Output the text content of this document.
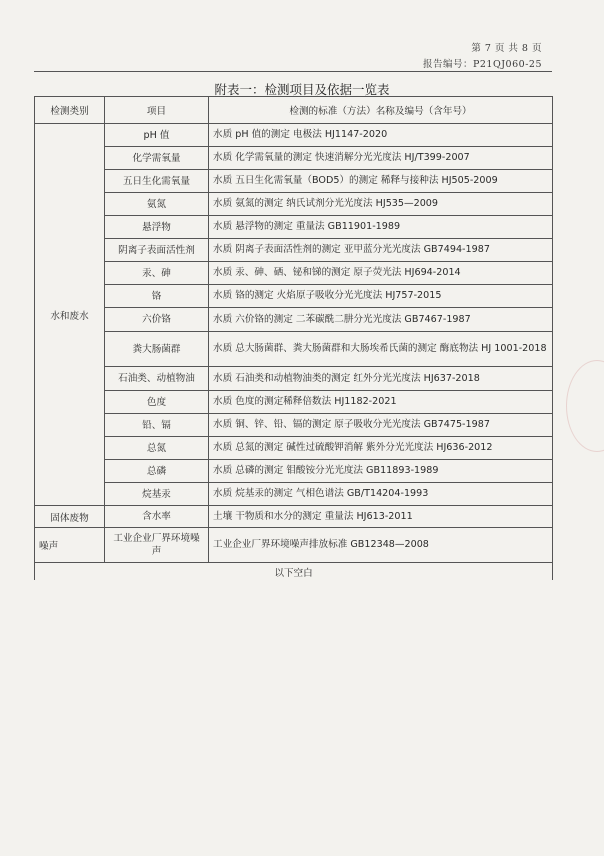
第 7 页 共 8 页
报告编号：P21QJ060-25
附表一：检测项目及依据一览表
检测类别	项目	检测的标准（方法）名称及编号（含年号）
水和废水	pH 值	水质 pH 值的测定 电极法 HJ1147-2020
	化学需氧量	水质 化学需氧量的测定 快速消解分光光度法 HJ/T399-2007
	五日生化需氧量	水质 五日生化需氧量（BOD5）的测定 稀释与接种法 HJ505-2009
	氨氮	水质 氨氮的测定 纳氏试剂分光光度法 HJ535—2009
	悬浮物	水质 悬浮物的测定 重量法 GB11901-1989
	阴离子表面活性剂	水质 阴离子表面活性剂的测定 亚甲蓝分光光度法 GB7494-1987
	汞、砷	水质 汞、砷、硒、铋和锑的测定 原子荧光法 HJ694-2014
	铬	水质 铬的测定 火焰原子吸收分光光度法 HJ757-2015
	六价铬	水质 六价铬的测定 二苯碳酰二肼分光光度法 GB7467-1987
	粪大肠菌群	水质 总大肠菌群、粪大肠菌群和大肠埃希氏菌的测定 酶底物法 HJ 1001-2018
	石油类、动植物油	水质 石油类和动植物油类的测定 红外分光光度法 HJ637-2018
	色度	水质 色度的测定稀释倍数法 HJ1182-2021
	铅、镉	水质 铜、锌、铅、镉的测定 原子吸收分光光度法 GB7475-1987
	总氮	水质 总氮的测定 碱性过硫酸钾消解 紫外分光光度法 HJ636-2012
	总磷	水质 总磷的测定 钼酸铵分光光度法 GB11893-1989
	烷基汞	水质 烷基汞的测定 气相色谱法 GB/T14204-1993
固体废物	含水率	土壤 干物质和水分的测定 重量法 HJ613-2011
噪声	工业企业厂界环境噪声	工业企业厂界环境噪声排放标准 GB12348—2008
以下空白		
